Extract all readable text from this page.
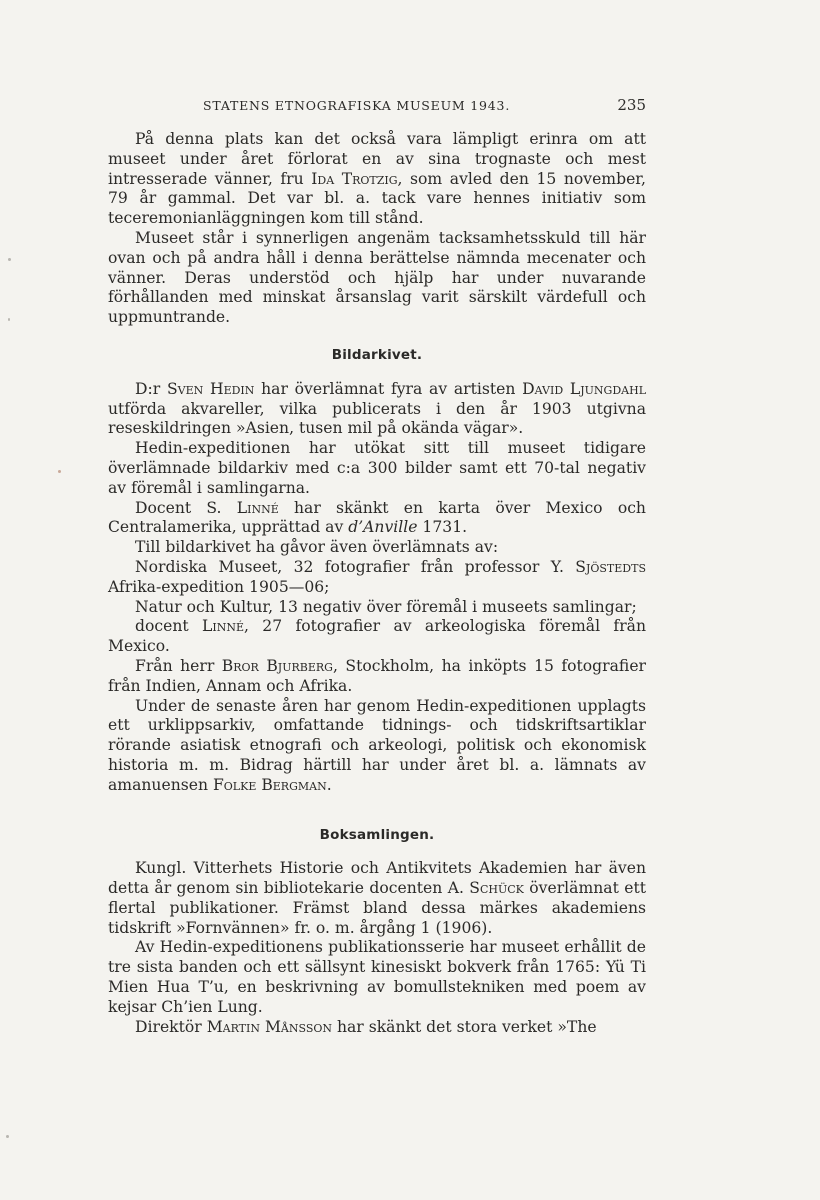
STATENS ETNOGRAFISKA MUSEUM 1943.	235

På denna plats kan det också vara lämpligt erinra om att museet under året förlorat en av sina trognaste och mest intresserade vänner, fru Ida Trotzig, som avled den 15 november, 79 år gammal. Det var bl. a. tack vare hennes initiativ som teceremonianläggningen kom till stånd.

Museet står i synnerligen angenäm tacksamhetsskuld till här ovan och på andra håll i denna berättelse nämnda mecenater och vänner. Deras understöd och hjälp har under nuvarande förhållanden med minskat årsanslag varit särskilt värdefull och uppmuntrande.

Bildarkivet.

D:r Sven Hedin har överlämnat fyra av artisten David Ljungdahl utförda akvareller, vilka publicerats i den år 1903 utgivna reseskildringen »Asien, tusen mil på okända vägar».

Hedin-expeditionen har utökat sitt till museet tidigare överlämnade bildarkiv med c:a 300 bilder samt ett 70-tal negativ av föremål i samlingarna.

Docent S. Linné har skänkt en karta över Mexico och Centralamerika, upprättad av d’Anville 1731.

Till bildarkivet ha gåvor även överlämnats av:

Nordiska Museet, 32 fotografier från professor Y. Sjöstedts Afrika-expedition 1905—06;

Natur och Kultur, 13 negativ över föremål i museets samlingar;

docent Linné, 27 fotografier av arkeologiska föremål från Mexico.

Från herr Bror Bjurberg, Stockholm, ha inköpts 15 fotografier från Indien, Annam och Afrika.

Under de senaste åren har genom Hedin-expeditionen upplagts ett urklippsarkiv, omfattande tidnings- och tidskriftsartiklar rörande asiatisk etnografi och arkeologi, politisk och ekonomisk historia m. m. Bidrag härtill har under året bl. a. lämnats av amanuensen Folke Bergman.

Boksamlingen.

Kungl. Vitterhets Historie och Antikvitets Akademien har även detta år genom sin bibliotekarie docenten A. Schück överlämnat ett flertal publikationer. Främst bland dessa märkes akademiens tidskrift »Fornvännen» fr. o. m. årgång 1 (1906).

Av Hedin-expeditionens publikationsserie har museet erhållit de tre sista banden och ett sällsynt kinesiskt bokverk från 1765: Yü Ti Mien Hua T’u, en beskrivning av bomullstekniken med poem av kejsar Ch’ien Lung.

Direktör Martin Månsson har skänkt det stora verket »The
